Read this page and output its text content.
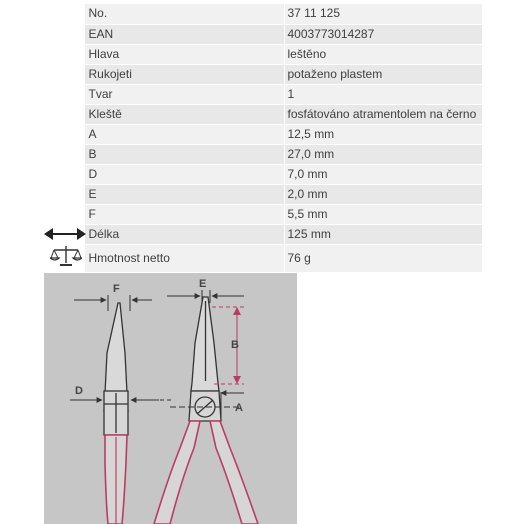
	No.	37 11 125
	EAN	4003773014287
	Hlava	leštěno
	Rukojeti	potaženo plastem
	Tvar	1
	Kleště	fosfátováno atramentolem na černo
	A	12,5 mm
	B	27,0 mm
	D	7,0 mm
	E	2,0 mm
	F	5,5 mm
	Délka	125 mm
	Hmotnost netto	76 g
F
D
E
B
A
